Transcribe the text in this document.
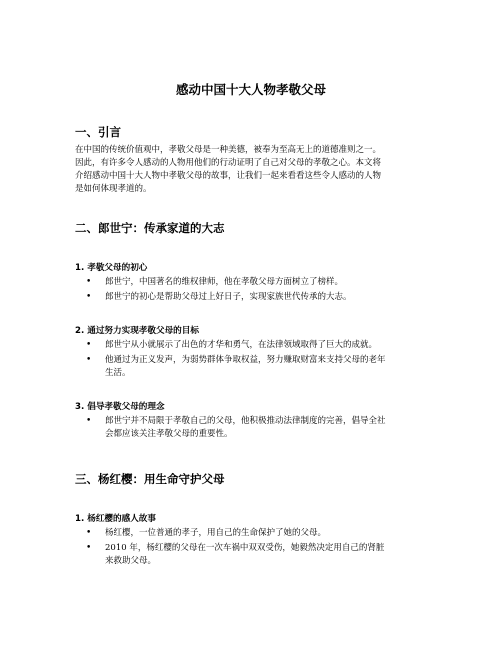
感动中国十大人物孝敬父母
一、引言
在中国的传统价值观中，孝敬父母是一种美德，被奉为至高无上的道德准则之一。
因此，有许多令人感动的人物用他们的行动证明了自己对父母的孝敬之心。本文将
介绍感动中国十大人物中孝敬父母的故事，让我们一起来看看这些令人感动的人物
是如何体现孝道的。
二、郎世宁：传承家道的大志
1. 孝敬父母的初心
• 郎世宁，中国著名的维权律师，他在孝敬父母方面树立了榜样。
• 郎世宁的初心是帮助父母过上好日子，实现家族世代传承的大志。
2. 通过努力实现孝敬父母的目标
• 郎世宁从小就展示了出色的才华和勇气，在法律领域取得了巨大的成就。
• 他通过为正义发声，为弱势群体争取权益，努力赚取财富来支持父母的老年
生活。
3. 倡导孝敬父母的理念
• 郎世宁并不局限于孝敬自己的父母，他积极推动法律制度的完善，倡导全社
会都应该关注孝敬父母的重要性。
三、杨红樱：用生命守护父母
1. 杨红樱的感人故事
• 杨红樱，一位普通的孝子，用自己的生命保护了她的父母。
• 2010 年，杨红樱的父母在一次车祸中双双受伤，她毅然决定用自己的肾脏
来救助父母。
